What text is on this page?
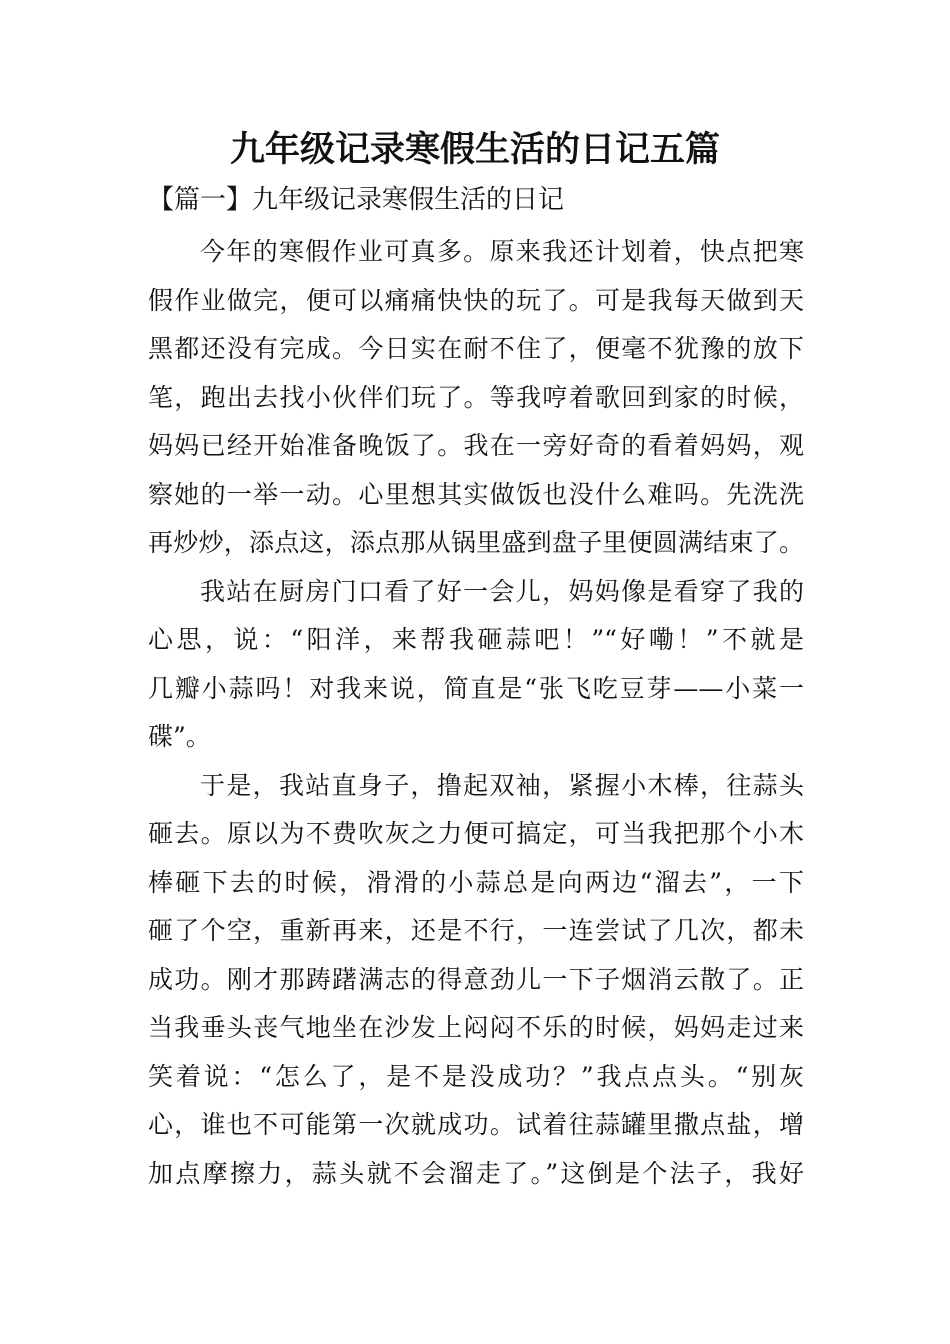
九年级记录寒假生活的日记五篇
【篇一】九年级记录寒假生活的日记
今年的寒假作业可真多。原来我还计划着，快点把寒
假作业做完，便可以痛痛快快的玩了。可是我每天做到天
黑都还没有完成。今日实在耐不住了，便毫不犹豫的放下
笔，跑出去找小伙伴们玩了。等我哼着歌回到家的时候，
妈妈已经开始准备晚饭了。我在一旁好奇的看着妈妈，观
察她的一举一动。心里想其实做饭也没什么难吗。先洗洗
再炒炒，添点这，添点那从锅里盛到盘子里便圆满结束了。
我站在厨房门口看了好一会儿，妈妈像是看穿了我的
心思，说：“阳洋，来帮我砸蒜吧！”“好嘞！”不就是
几瓣小蒜吗！对我来说，简直是“张飞吃豆芽——小菜一
碟”。
于是，我站直身子，撸起双袖，紧握小木棒，往蒜头
砸去。原以为不费吹灰之力便可搞定，可当我把那个小木
棒砸下去的时候，滑滑的小蒜总是向两边“溜去”，一下
砸了个空，重新再来，还是不行，一连尝试了几次，都未
成功。刚才那踌躇满志的得意劲儿一下子烟消云散了。正
当我垂头丧气地坐在沙发上闷闷不乐的时候，妈妈走过来
笑着说：“怎么了，是不是没成功？”我点点头。“别灰
心，谁也不可能第一次就成功。试着往蒜罐里撒点盐，增
加点摩擦力，蒜头就不会溜走了。”这倒是个法子，我好
